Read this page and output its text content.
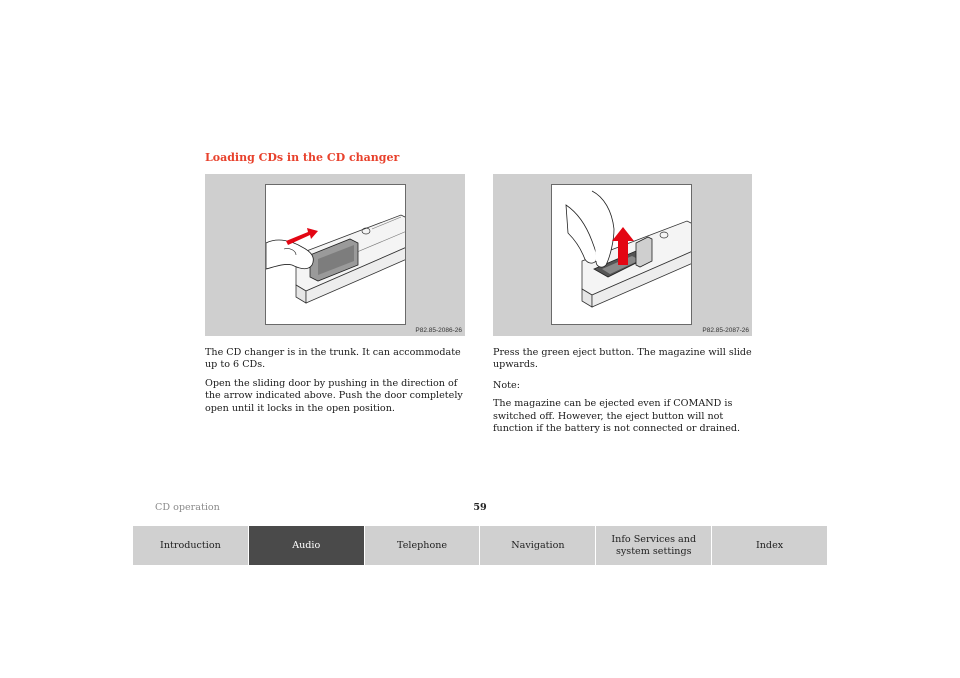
Loading CDs in the CD changer
P82.85-2086-26	P82.85-2087-26

The CD changer is in the trunk. It can accommodate up to 6 CDs.

Open the sliding door by pushing in the direction of the arrow indicated above. Push the door completely open until it locks in the open position.

Press the green eject button. The magazine will slide upwards.

Note:

The magazine can be ejected even if COMAND is switched off. However, the eject button will not function if the battery is not connected or drained.

CD operation	59
Introduction	Audio	Telephone	Navigation
Info Services and
system settings
Index
